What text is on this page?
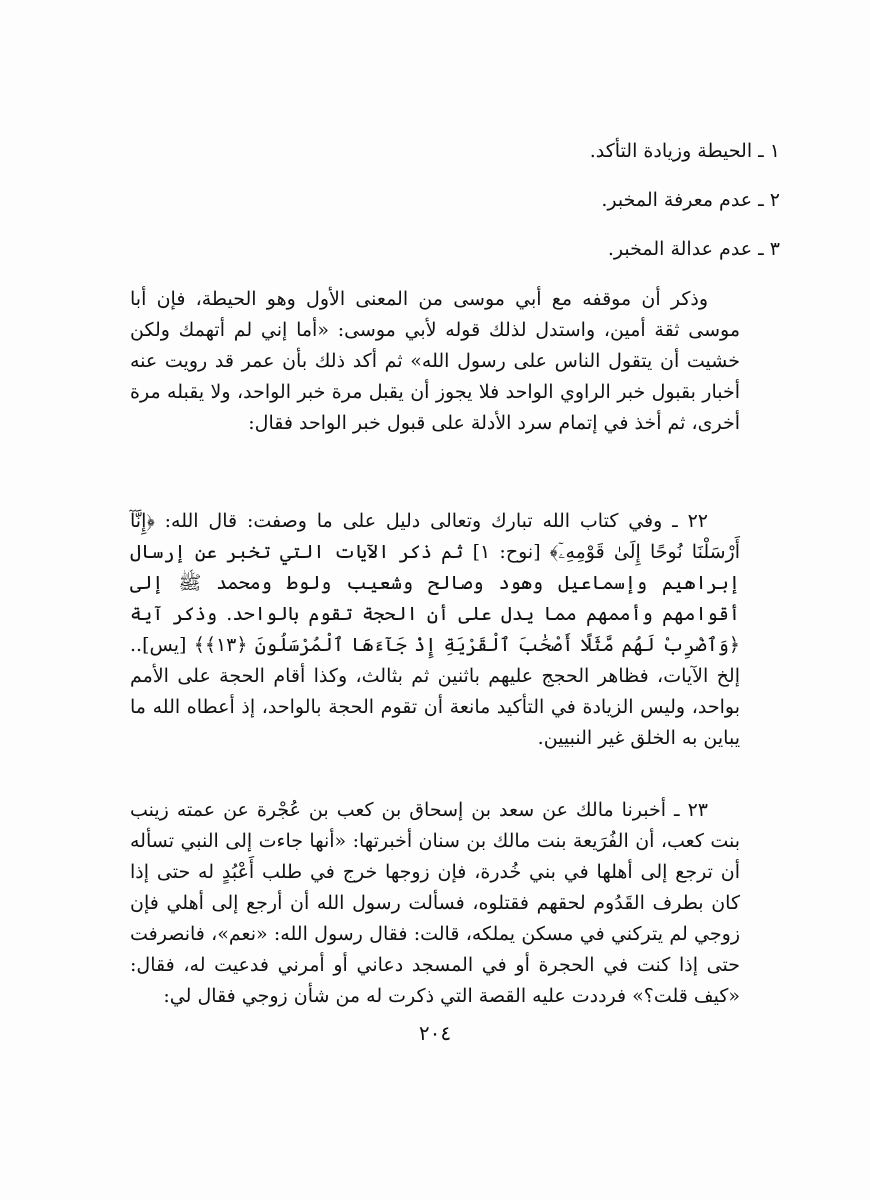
١ ـ الحيطة وزيادة التأكد.
٢ ـ عدم معرفة المخبر.
٣ ـ عدم عدالة المخبر.

وذكر أن موقفه مع أبي موسى من المعنى الأول وهو الحيطة، فإن أبا موسى ثقة أمين، واستدل لذلك قوله لأبي موسى: «أما إني لم أتهمك ولكن خشيت أن يتقول الناس على رسول الله» ثم أكد ذلك بأن عمر قد رويت عنه أخبار بقبول خبر الراوي الواحد فلا يجوز أن يقبل مرة خبر الواحد، ولا يقبله مرة أخرى، ثم أخذ في إتمام سرد الأدلة على قبول خبر الواحد فقال:

٢٢ ـ وفي كتاب الله تبارك وتعالى دليل على ما وصفت: قال الله: ﴿إِنَّآ أَرْسَلْنَا نُوحًا إِلَىٰ قَوْمِهِۦٓ﴾ [نوح: ١] ثم ذكر الآيات التي تخبر عن إرسال إبراهيم وإسماعيل وهود وصالح وشعيب ولوط ومحمد ﷺ إلى أقوامهم وأممهم مما يدل على أن الحجة تقوم بالواحد. وذكر آية ﴿وَٱضْرِبْ لَهُم مَّثَلًا أَصْحَٰبَ ٱلْقَرْيَةِ إِذْ جَآءَهَا ٱلْمُرْسَلُونَ ﴿١٣﴾﴾ [يس].. إلخ الآيات، فظاهر الحجج عليهم باثنين ثم بثالث، وكذا أقام الحجة على الأمم بواحد، وليس الزيادة في التأكيد مانعة أن تقوم الحجة بالواحد، إذ أعطاه الله ما يباين به الخلق غير النبيين.

٢٣ ـ أخبرنا مالك عن سعد بن إسحاق بن كعب بن عُجْرة عن عمته زينب بنت كعب، أن الفُرَيعة بنت مالك بن سنان أخبرتها: «أنها جاءت إلى النبي تسأله أن ترجع إلى أهلها في بني خُدرة، فإن زوجها خرج في طلب أَعْبُدٍ له حتى إذا كان بطرف القَدُوم لحقهم فقتلوه، فسألت رسول الله أن أرجع إلى أهلي فإن زوجي لم يتركني في مسكن يملكه، قالت: فقال رسول الله: «نعم»، فانصرفت حتى إذا كنت في الحجرة أو في المسجد دعاني أو أمرني فدعيت له، فقال: «كيف قلت؟» فرددت عليه القصة التي ذكرت له من شأن زوجي فقال لي:

٢٠٤
